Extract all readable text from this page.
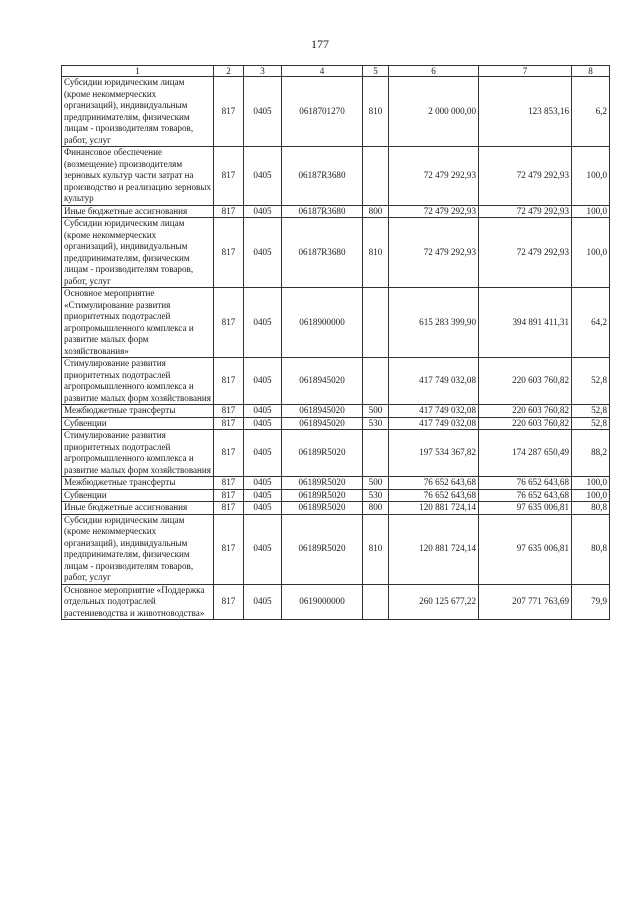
177
1	2	3	4	5	6	7	8
Субсидии юридическим лицам (кроме некоммерческих организаций), индивидуальным предпринимателям, физическим лицам - производителям товаров, работ, услуг	817	0405	0618701270	810	2 000 000,00	123 853,16	6,2
Финансовое обеспечение (возмещение) производителям зерновых культур части затрат на производство и реализацию зерновых культур	817	0405	06187R3680		72 479 292,93	72 479 292,93	100,0
Иные бюджетные ассигнования	817	0405	06187R3680	800	72 479 292,93	72 479 292,93	100,0
Субсидии юридическим лицам (кроме некоммерческих организаций), индивидуальным предпринимателям, физическим лицам - производителям товаров, работ, услуг	817	0405	06187R3680	810	72 479 292,93	72 479 292,93	100,0
Основное мероприятие «Стимулирование развития приоритетных подотраслей агропромышленного комплекса и развитие малых форм хозяйствования»	817	0405	0618900000		615 283 399,90	394 891 411,31	64,2
Стимулирование развития приоритетных подотраслей агропромышленного комплекса и развитие малых форм хозяйствования	817	0405	0618945020		417 749 032,08	220 603 760,82	52,8
Межбюджетные трансферты	817	0405	0618945020	500	417 749 032,08	220 603 760,82	52,8
Субвенции	817	0405	0618945020	530	417 749 032,08	220 603 760,82	52,8
Стимулирование развития приоритетных подотраслей агропромышленного комплекса и развитие малых форм хозяйствования	817	0405	06189R5020		197 534 367,82	174 287 650,49	88,2
Межбюджетные трансферты	817	0405	06189R5020	500	76 652 643,68	76 652 643,68	100,0
Субвенции	817	0405	06189R5020	530	76 652 643,68	76 652 643,68	100,0
Иные бюджетные ассигнования	817	0405	06189R5020	800	120 881 724,14	97 635 006,81	80,8
Субсидии юридическим лицам (кроме некоммерческих организаций), индивидуальным предпринимателям, физическим лицам - производителям товаров, работ, услуг	817	0405	06189R5020	810	120 881 724,14	97 635 006,81	80,8
Основное мероприятие «Поддержка отдельных подотраслей растениеводства и животноводства»	817	0405	0619000000		260 125 677,22	207 771 763,69	79,9
